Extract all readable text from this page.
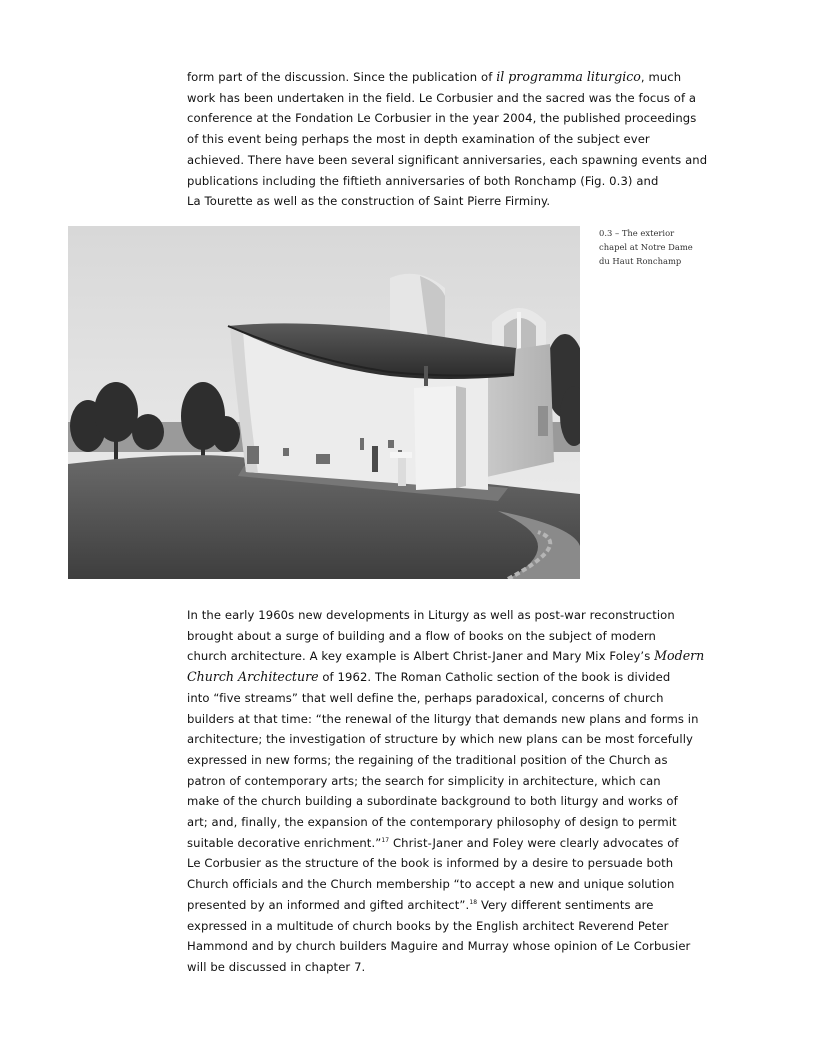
form part of the discussion. Since the publication of il programma liturgico, much
work has been undertaken in the field. Le Corbusier and the sacred was the focus of a
conference at the Fondation Le Corbusier in the year 2004, the published proceedings
of this event being perhaps the most in depth examination of the subject ever
achieved. There have been several significant anniversaries, each spawning events and
publications including the fiftieth anniversaries of both Ronchamp (Fig. 0.3) and
La Tourette as well as the construction of Saint Pierre Firminy.
0.3 – The exterior
chapel at Notre Dame
du Haut Ronchamp
In the early 1960s new developments in Liturgy as well as post-war reconstruction
brought about a surge of building and a flow of books on the subject of modern
church architecture. A key example is Albert Christ-Janer and Mary Mix Foley’s Modern
Church Architecture of 1962. The Roman Catholic section of the book is divided
into “five streams” that well define the, perhaps paradoxical, concerns of church
builders at that time: “the renewal of the liturgy that demands new plans and forms in
architecture; the investigation of structure by which new plans can be most forcefully
expressed in new forms; the regaining of the traditional position of the Church as
patron of contemporary arts; the search for simplicity in architecture, which can
make of the church building a subordinate background to both liturgy and works of
art; and, finally, the expansion of the contemporary philosophy of design to permit
suitable decorative enrichment.”$^{17}$ Christ-Janer and Foley were clearly advocates of
Le Corbusier as the structure of the book is informed by a desire to persuade both
Church officials and the Church membership “to accept a new and unique solution
presented by an informed and gifted architect”.$^{18}$ Very different sentiments are
expressed in a multitude of church books by the English architect Reverend Peter
Hammond and by church builders Maguire and Murray whose opinion of Le Corbusier
will be discussed in chapter 7.
